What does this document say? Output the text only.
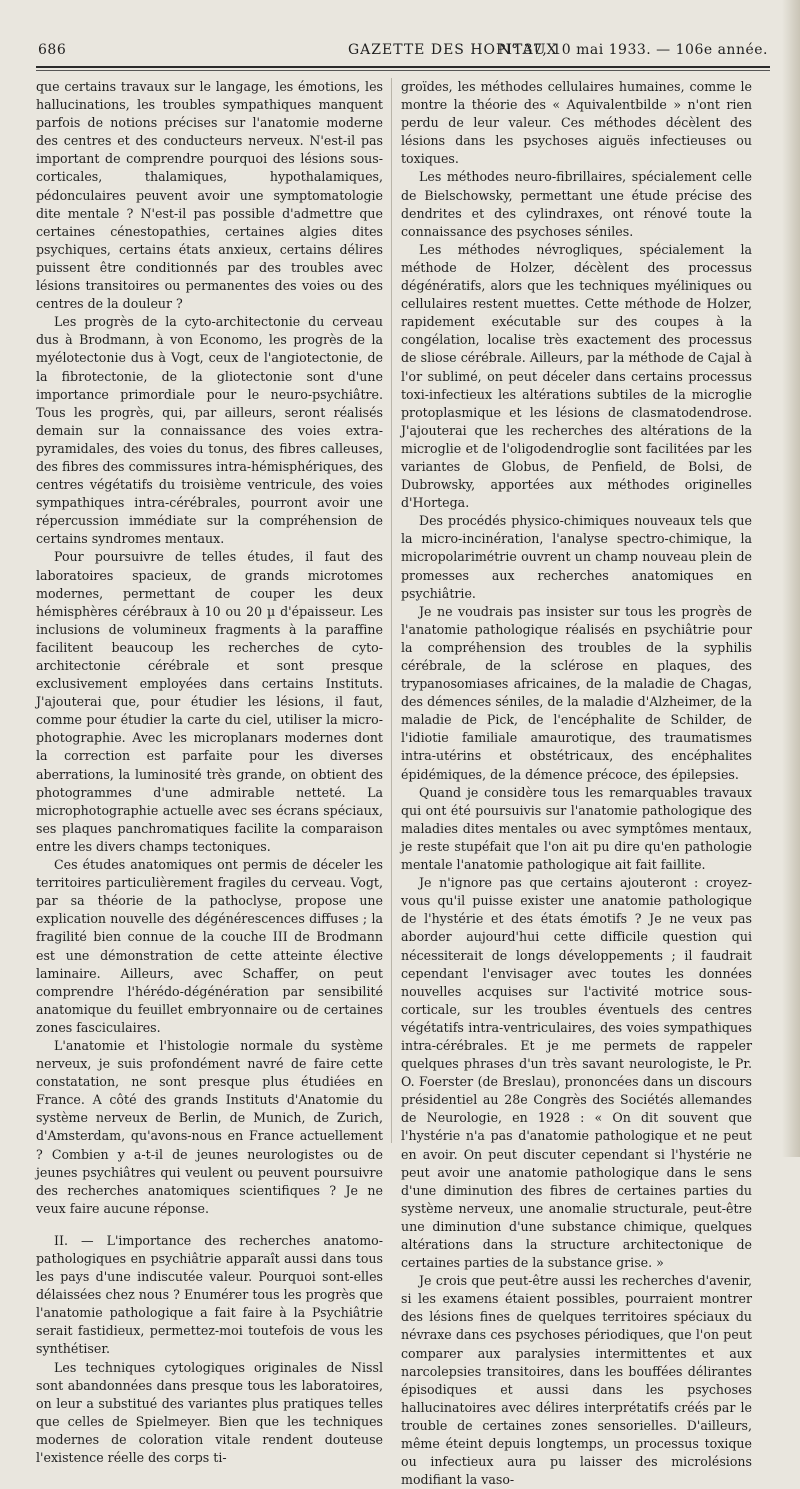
686	GAZETTE DES HOPITAUX
N° 37, 10 mai 1933. — 106e année.

que certains travaux sur le langage, les émotions, les hallucinations, les troubles sympathiques manquent parfois de notions précises sur l'anatomie moderne des centres et des conducteurs nerveux. N'est-il pas important de comprendre pourquoi des lésions sous-corticales, thalamiques, hypothalamiques, pédonculaires peuvent avoir une symptomatologie dite mentale ? N'est-il pas possible d'admettre que certaines cénestopathies, certaines algies dites psychiques, certains états anxieux, certains délires puissent être conditionnés par des troubles avec lésions transitoires ou permanentes des voies ou des centres de la douleur ?

Les progrès de la cyto-architectonie du cerveau dus à Brodmann, à von Economo, les progrès de la myélotectonie dus à Vogt, ceux de l'angiotectonie, de la fibrotectonie, de la gliotectonie sont d'une importance primordiale pour le neuro-psychiâtre. Tous les progrès, qui, par ailleurs, seront réalisés demain sur la connaissance des voies extra-pyramidales, des voies du tonus, des fibres calleuses, des fibres des commissures intra-hémisphériques, des centres végétatifs du troisième ventricule, des voies sympathiques intra-cérébrales, pourront avoir une répercussion immédiate sur la compréhension de certains syndromes mentaux.

Pour poursuivre de telles études, il faut des laboratoires spacieux, de grands microtomes modernes, permettant de couper les deux hémisphères cérébraux à 10 ou 20 µ d'épaisseur. Les inclusions de volumineux fragments à la paraffine facilitent beaucoup les recherches de cyto-architectonie cérébrale et sont presque exclusivement employées dans certains Instituts. J'ajouterai que, pour étudier les lésions, il faut, comme pour étudier la carte du ciel, utiliser la micro-photographie. Avec les microplanars modernes dont la correction est parfaite pour les diverses aberrations, la luminosité très grande, on obtient des photogrammes d'une admirable netteté. La microphotographie actuelle avec ses écrans spéciaux, ses plaques panchromatiques facilite la comparaison entre les divers champs tectoniques.

Ces études anatomiques ont permis de déceler les territoires particulièrement fragiles du cerveau. Vogt, par sa théorie de la pathoclyse, propose une explication nouvelle des dégénérescences diffuses ; la fragilité bien connue de la couche III de Brodmann est une démonstration de cette atteinte élective laminaire. Ailleurs, avec Schaffer, on peut comprendre l'hérédo-dégénération par sensibilité anatomique du feuillet embryonnaire ou de certaines zones fasciculaires.

L'anatomie et l'histologie normale du système nerveux, je suis profondément navré de faire cette constatation, ne sont presque plus étudiées en France. A côté des grands Instituts d'Anatomie du système nerveux de Berlin, de Munich, de Zurich, d'Amsterdam, qu'avons-nous en France actuellement ? Combien y a-t-il de jeunes neurologistes ou de jeunes psychiâtres qui veulent ou peuvent poursuivre des recherches anatomiques scientifiques ? Je ne veux faire aucune réponse.

II. — L'importance des recherches anatomo-pathologiques en psychiâtrie apparaît aussi dans tous les pays d'une indiscutée valeur. Pourquoi sont-elles délaissées chez nous ? Enumérer tous les progrès que l'anatomie pathologique a fait faire à la Psychiâtrie serait fastidieux, permettez-moi toutefois de vous les synthétiser.

Les techniques cytologiques originales de Nissl sont abandonnées dans presque tous les laboratoires, on leur a substitué des variantes plus pratiques telles que celles de Spielmeyer. Bien que les techniques modernes de coloration vitale rendent douteuse l'existence réelle des corps ti-

groïdes, les méthodes cellulaires humaines, comme le montre la théorie des « Aquivalentbilde » n'ont rien perdu de leur valeur. Ces méthodes décèlent des lésions dans les psychoses aiguës infectieuses ou toxiques.

Les méthodes neuro-fibrillaires, spécialement celle de Bielschowsky, permettant une étude précise des dendrites et des cylindraxes, ont rénové toute la connaissance des psychoses séniles.

Les méthodes névrogliques, spécialement la méthode de Holzer, décèlent des processus dégénératifs, alors que les techniques myéliniques ou cellulaires restent muettes. Cette méthode de Holzer, rapidement exécutable sur des coupes à la congélation, localise très exactement des processus de sliose cérébrale. Ailleurs, par la méthode de Cajal à l'or sublimé, on peut déceler dans certains processus toxi-infectieux les altérations subtiles de la microglie protoplasmique et les lésions de clasmatodendrose. J'ajouterai que les recherches des altérations de la microglie et de l'oligodendroglie sont facilitées par les variantes de Globus, de Penfield, de Bolsi, de Dubrowsky, apportées aux méthodes originelles d'Hortega.

Des procédés physico-chimiques nouveaux tels que la micro-incinération, l'analyse spectro-chimique, la micropolarimétrie ouvrent un champ nouveau plein de promesses aux recherches anatomiques en psychiâtrie.

Je ne voudrais pas insister sur tous les progrès de l'anatomie pathologique réalisés en psychiâtrie pour la compréhension des troubles de la syphilis cérébrale, de la sclérose en plaques, des trypanosomiases africaines, de la maladie de Chagas, des démences séniles, de la maladie d'Alzheimer, de la maladie de Pick, de l'encéphalite de Schilder, de l'idiotie familiale amaurotique, des traumatismes intra-utérins et obstétricaux, des encéphalites épidémiques, de la démence précoce, des épilepsies.

Quand je considère tous les remarquables travaux qui ont été poursuivis sur l'anatomie pathologique des maladies dites mentales ou avec symptômes mentaux, je reste stupéfait que l'on ait pu dire qu'en pathologie mentale l'anatomie pathologique ait fait faillite.

Je n'ignore pas que certains ajouteront : croyez-vous qu'il puisse exister une anatomie pathologique de l'hystérie et des états émotifs ? Je ne veux pas aborder aujourd'hui cette difficile question qui nécessiterait de longs développements ; il faudrait cependant l'envisager avec toutes les données nouvelles acquises sur l'activité motrice sous-corticale, sur les troubles éventuels des centres végétatifs intra-ventriculaires, des voies sympathiques intra-cérébrales. Et je me permets de rappeler quelques phrases d'un très savant neurologiste, le Pr. O. Foerster (de Breslau), prononcées dans un discours présidentiel au 28e Congrès des Sociétés allemandes de Neurologie, en 1928 : « On dit souvent que l'hystérie n'a pas d'anatomie pathologique et ne peut en avoir. On peut discuter cependant si l'hystérie ne peut avoir une anatomie pathologique dans le sens d'une diminution des fibres de certaines parties du système nerveux, une anomalie structurale, peut-être une diminution d'une substance chimique, quelques altérations dans la structure architectonique de certaines parties de la substance grise. »

Je crois que peut-être aussi les recherches d'avenir, si les examens étaient possibles, pourraient montrer des lésions fines de quelques territoires spéciaux du névraxe dans ces psychoses périodiques, que l'on peut comparer aux paralysies intermittentes et aux narcolepsies transitoires, dans les bouffées délirantes épisodiques et aussi dans les psychoses hallucinatoires avec délires interprétatifs créés par le trouble de certaines zones sensorielles. D'ailleurs, même éteint depuis longtemps, un processus toxique ou infectieux aura pu laisser des microlésions modifiant la vaso-
